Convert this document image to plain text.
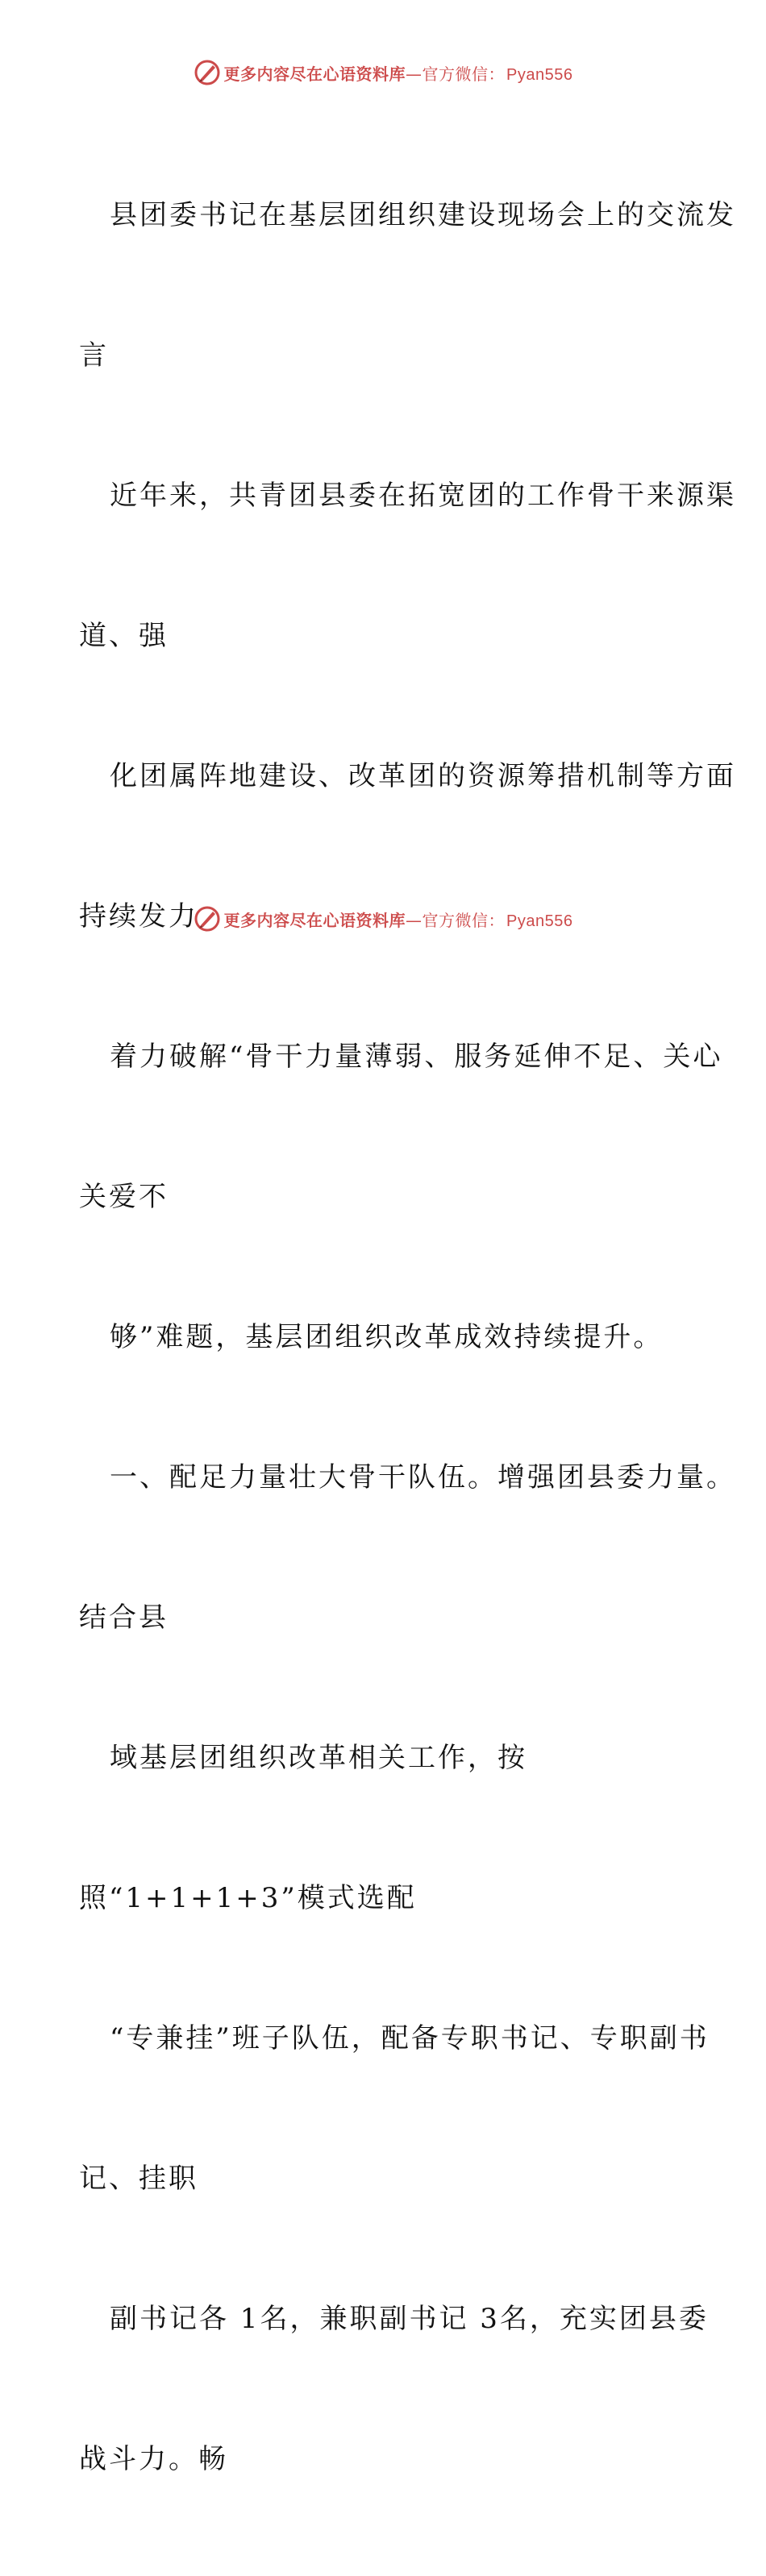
更多内容尽在心语资料库—官方微信： Pyan556

县团委书记在基层团组织建设现场会上的交流发

言

近年来，共青团县委在拓宽团的工作骨干来源渠

道、强

化团属阵地建设、改革团的资源筹措机制等方面

持续发力

着力破解“骨干力量薄弱、服务延伸不足、关心

关爱不

够”难题，基层团组织改革成效持续提升。

一、配足力量壮大骨干队伍。增强团县委力量。

结合县

域基层团组织改革相关工作，按

照“1+1+1+3”模式选配

“专兼挂”班子队伍，配备专职书记、专职副书

记、挂职

副书记各 1名，兼职副书记 3名，充实团县委

战斗力。畅

更多内容尽在心语资料库—官方微信： Pyan556
